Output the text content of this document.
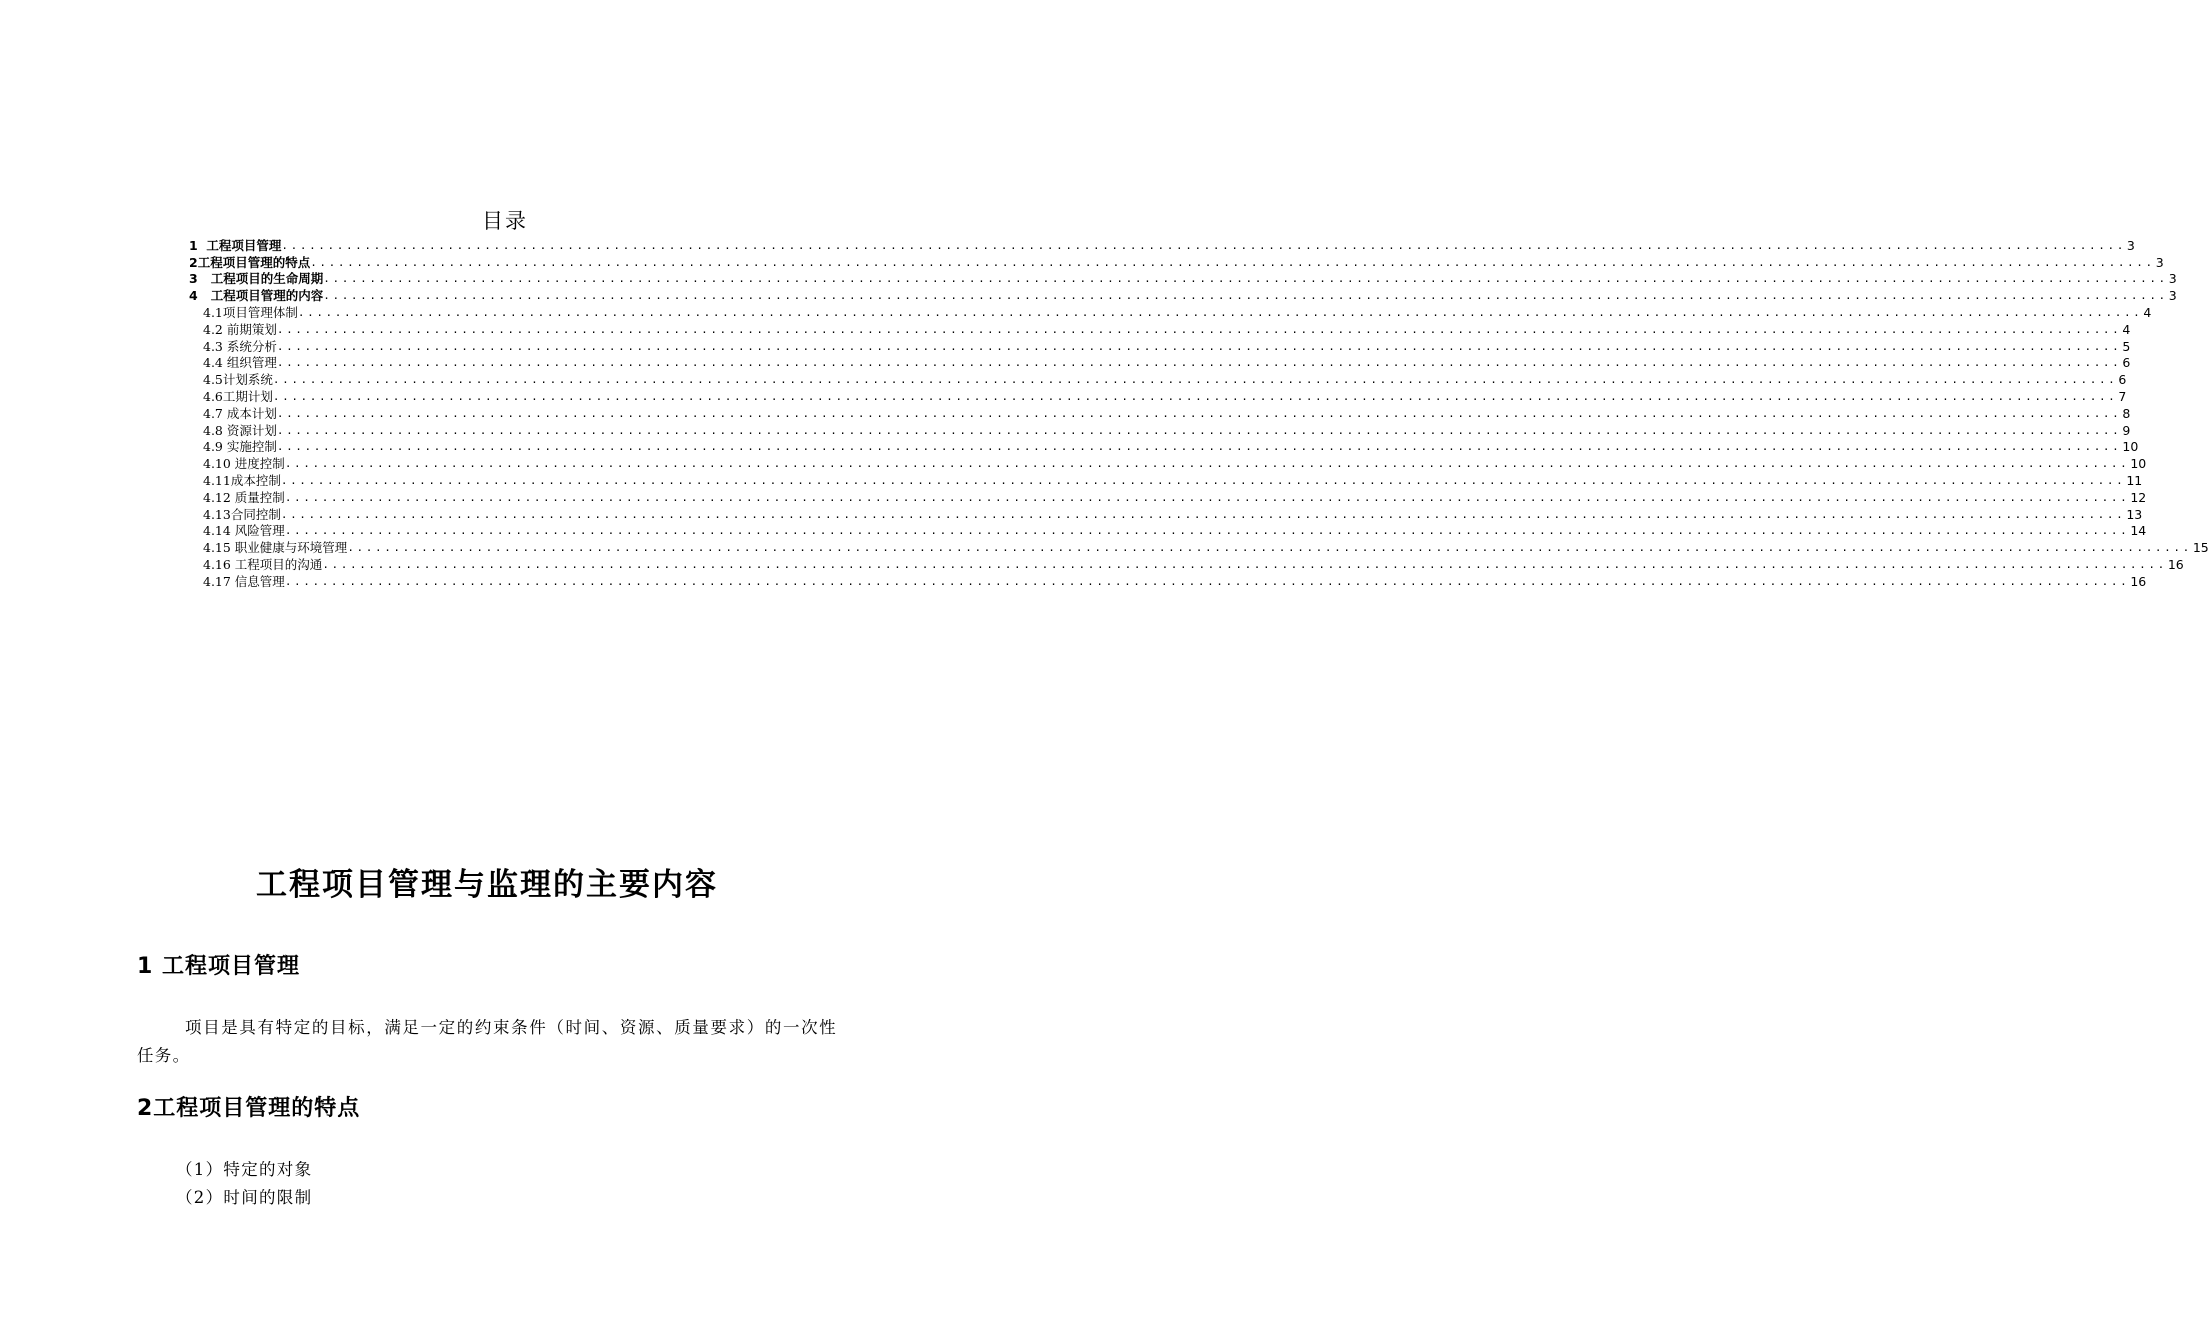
目录
1  工程项目管理 ........................................................................................................................................................................................................ 3
2工程项目管理的特点 ........................................................................................................................................................................................................ 3
3   工程项目的生命周期 ........................................................................................................................................................................................................ 3
4   工程项目管理的内容 ........................................................................................................................................................................................................ 3
4.1项目管理体制 ........................................................................................................................................................................................................ 4
4.2 前期策划 ........................................................................................................................................................................................................ 4
4.3 系统分析 ........................................................................................................................................................................................................ 5
4.4 组织管理 ........................................................................................................................................................................................................ 6
4.5计划系统 ........................................................................................................................................................................................................ 6
4.6工期计划 ........................................................................................................................................................................................................ 7
4.7 成本计划 ........................................................................................................................................................................................................ 8
4.8 资源计划 ........................................................................................................................................................................................................ 9
4.9 实施控制 ........................................................................................................................................................................................................ 10
4.10 进度控制 ........................................................................................................................................................................................................ 10
4.11成本控制 ........................................................................................................................................................................................................ 11
4.12 质量控制 ........................................................................................................................................................................................................ 12
4.13合同控制 ........................................................................................................................................................................................................ 13
4.14 风险管理 ........................................................................................................................................................................................................ 14
4.15 职业健康与环境管理 ........................................................................................................................................................................................................ 15
4.16 工程项目的沟通 ........................................................................................................................................................................................................ 16
4.17 信息管理 ........................................................................................................................................................................................................ 16
工程项目管理与监理的主要内容
1 工程项目管理
项目是具有特定的目标，满足一定的约束条件（时间、资源、质量要求）的一次性任务。
2工程项目管理的特点
（1）特定的对象
（2）时间的限制
